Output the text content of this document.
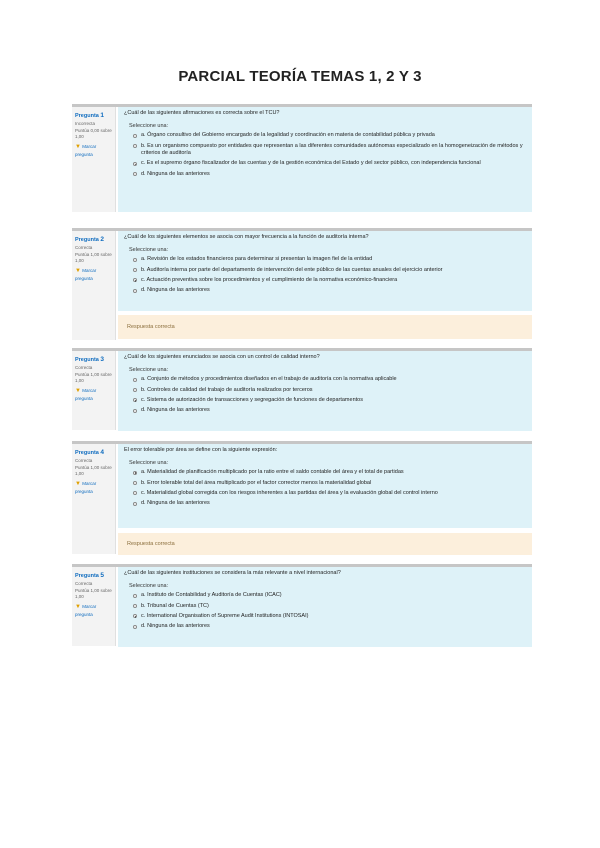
PARCIAL TEORÍA TEMAS 1, 2 Y 3
Pregunta 1
Incorrecta
Puntúa 0,00 sobre 1,00
▼ Marcar pregunta
¿Cuál de las siguientes afirmaciones es correcta sobre el TCU?
Seleccione una:
a. Órgano consultivo del Gobierno encargado de la legalidad y coordinación en materia de contabilidad pública y privada
b. Es un organismo compuesto por entidades que representan a las diferentes comunidades autónomas especializado en la homogeneización de métodos y criterios de auditoría
c. Es el supremo órgano fiscalizador de las cuentas y de la gestión económica del Estado y del sector público, con independencia funcional
d. Ninguna de las anteriores
Pregunta 2
Correcta
Puntúa 1,00 sobre 1,00
▼ Marcar pregunta
¿Cuál de los siguientes elementos se asocia con mayor frecuencia a la función de auditoría interna?
Seleccione una:
a. Revisión de los estados financieros para determinar si presentan la imagen fiel de la entidad
b. Auditoría interna por parte del departamento de intervención del ente público de las cuentas anuales del ejercicio anterior
c. Actuación preventiva sobre los procedimientos y el cumplimiento de la normativa económico-financiera
d. Ninguna de las anteriores
Respuesta correcta
Pregunta 3
Correcta
Puntúa 1,00 sobre 1,00
▼ Marcar pregunta
¿Cuál de los siguientes enunciados se asocia con un control de calidad interno?
Seleccione una:
a. Conjunto de métodos y procedimientos diseñados en el trabajo de auditoría con la normativa aplicable
b. Controles de calidad del trabajo de auditoría realizados por terceros
c. Sistema de autorización de transacciones y segregación de funciones de departamentos
d. Ninguna de las anteriores
Pregunta 4
Correcta
Puntúa 1,00 sobre 1,00
▼ Marcar pregunta
El error tolerable por área se define con la siguiente expresión:
Seleccione una:
a. Materialidad de planificación multiplicado por la ratio entre el saldo contable del área y el total de partidas
b. Error tolerable total del área multiplicado por el factor corrector menos la materialidad global
c. Materialidad global corregida con los riesgos inherentes a las partidas del área y la evaluación global del control interno
d. Ninguna de las anteriores
Respuesta correcta
Pregunta 5
Correcta
Puntúa 1,00 sobre 1,00
▼ Marcar pregunta
¿Cuál de las siguientes instituciones se considera la más relevante a nivel internacional?
Seleccione una:
a. Instituto de Contabilidad y Auditoría de Cuentas (ICAC)
b. Tribunal de Cuentas (TC)
c. International Organisation of Supreme Audit Institutions (INTOSAI)
d. Ninguna de las anteriores
